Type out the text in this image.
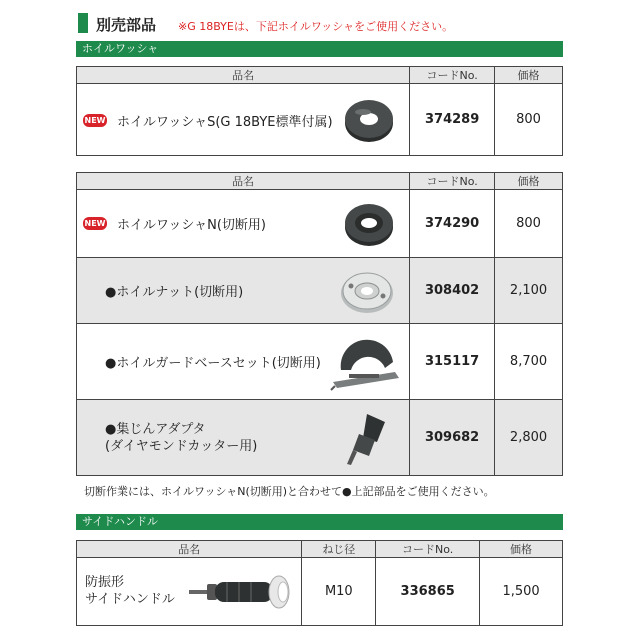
別売部品 ※G 18BYEは、下記ホイルワッシャをご使用ください。
ホイルワッシャ
品名	コードNo.	価格

NEW ホイルワッシャS(G 18BYE標準付属)	374289	800
品名	コードNo.	価格

NEW ホイルワッシャN(切断用)	374290	800

●ホイルナット(切断用)	308402	2,100

●ホイルガードベースセット(切断用)	315117	8,700

●集じんアダプタ
(ダイヤモンドカッター用)	309682	2,800
切断作業には、ホイルワッシャN(切断用)と合わせて●上記部品をご使用ください。
サイドハンドル
品名	ねじ径	コードNo.	価格

防振形
サイドハンドル	M10	336865	1,500
